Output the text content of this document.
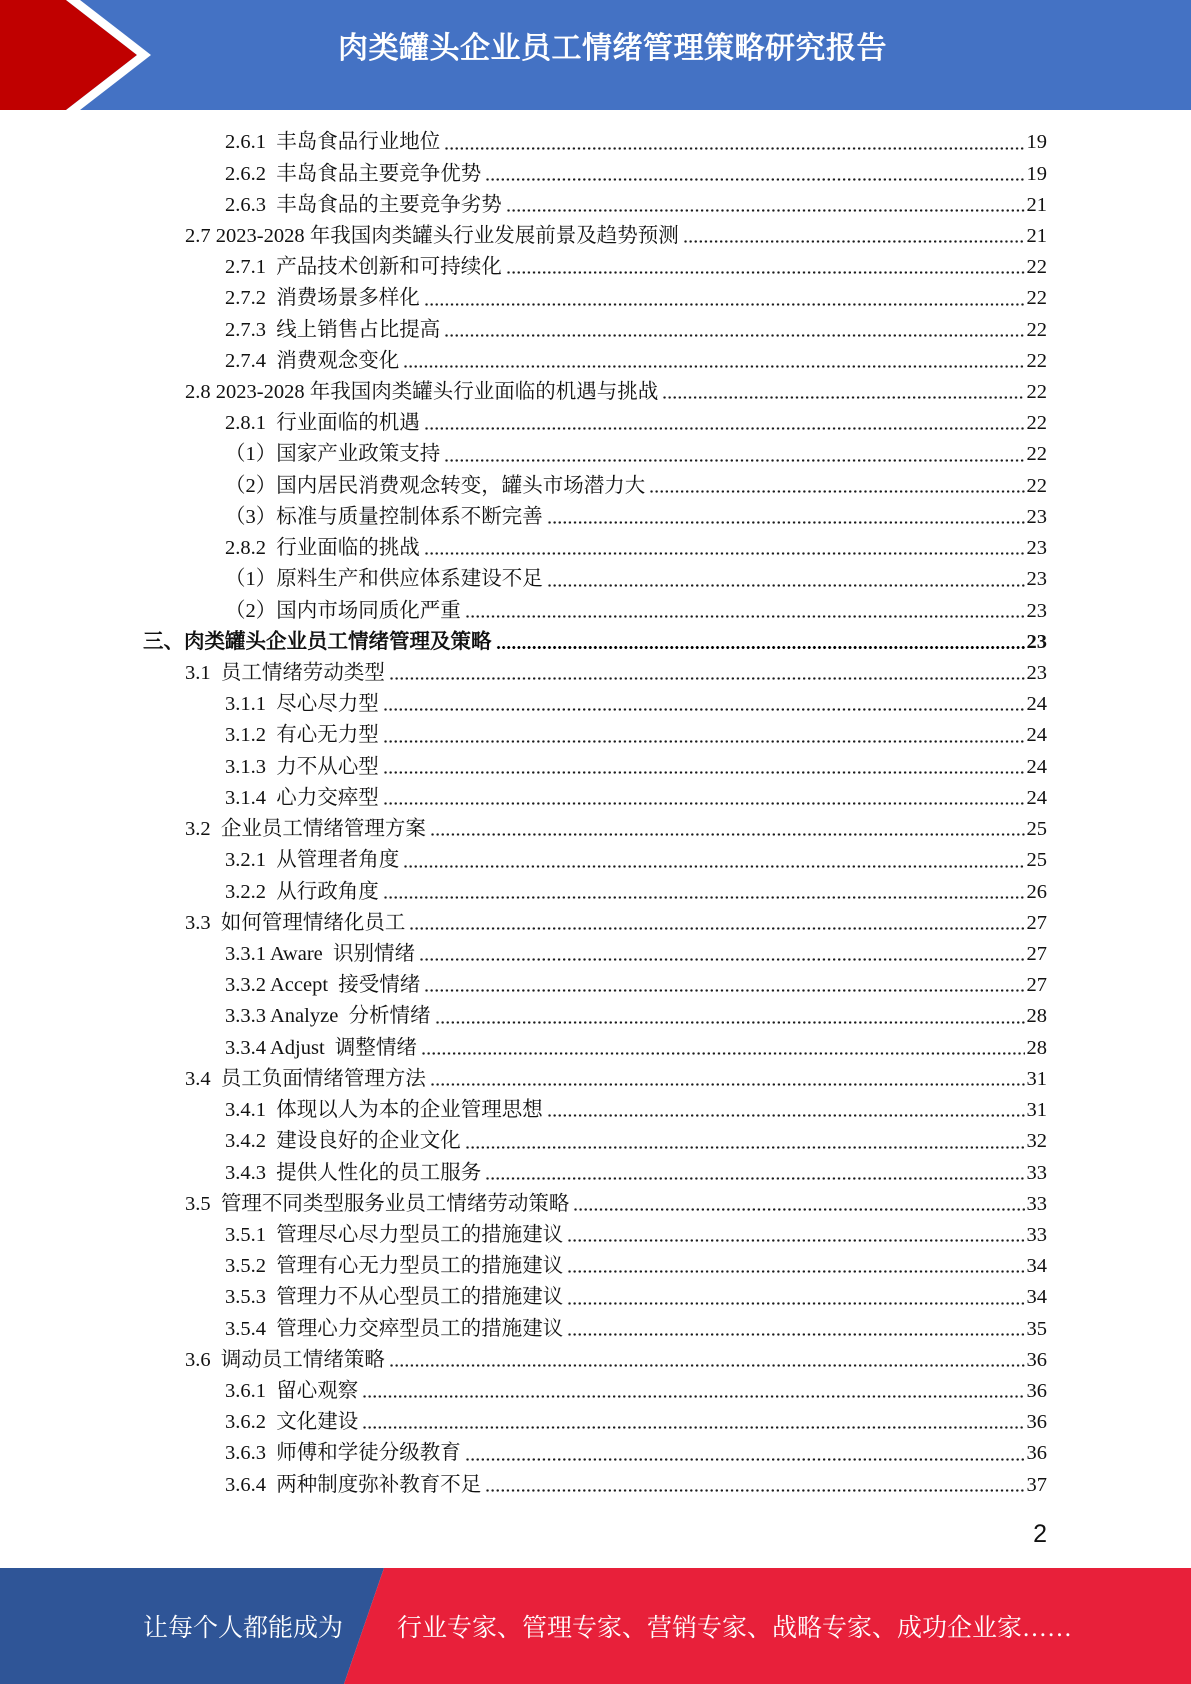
肉类罐头企业员工情绪管理策略研究报告
2.6.1  丰岛食品行业地位	19
2.6.2  丰岛食品主要竞争优势	19
2.6.3  丰岛食品的主要竞争劣势	21
2.7 2023-2028 年我国肉类罐头行业发展前景及趋势预测	21
2.7.1  产品技术创新和可持续化	22
2.7.2  消费场景多样化	22
2.7.3  线上销售占比提高	22
2.7.4  消费观念变化	22
2.8 2023-2028 年我国肉类罐头行业面临的机遇与挑战	22
2.8.1  行业面临的机遇	22
（1）国家产业政策支持	22
（2）国内居民消费观念转变，罐头市场潜力大	22
（3）标准与质量控制体系不断完善	23
2.8.2  行业面临的挑战	23
（1）原料生产和供应体系建设不足	23
（2）国内市场同质化严重	23
三、肉类罐头企业员工情绪管理及策略	23
3.1  员工情绪劳动类型	23
3.1.1  尽心尽力型	24
3.1.2  有心无力型	24
3.1.3  力不从心型	24
3.1.4  心力交瘁型	24
3.2  企业员工情绪管理方案	25
3.2.1  从管理者角度	25
3.2.2  从行政角度	26
3.3  如何管理情绪化员工	27
3.3.1 Aware  识别情绪	27
3.3.2 Accept  接受情绪	27
3.3.3 Analyze  分析情绪	28
3.3.4 Adjust  调整情绪	28
3.4  员工负面情绪管理方法	31
3.4.1  体现以人为本的企业管理思想	31
3.4.2  建设良好的企业文化	32
3.4.3  提供人性化的员工服务	33
3.5  管理不同类型服务业员工情绪劳动策略	33
3.5.1  管理尽心尽力型员工的措施建议	33
3.5.2  管理有心无力型员工的措施建议	34
3.5.3  管理力不从心型员工的措施建议	34
3.5.4  管理心力交瘁型员工的措施建议	35
3.6  调动员工情绪策略	36
3.6.1  留心观察	36
3.6.2  文化建设	36
3.6.3  师傅和学徒分级教育	36
3.6.4  两种制度弥补教育不足	37
2
让每个人都能成为 行业专家、管理专家、营销专家、战略专家、成功企业家……
